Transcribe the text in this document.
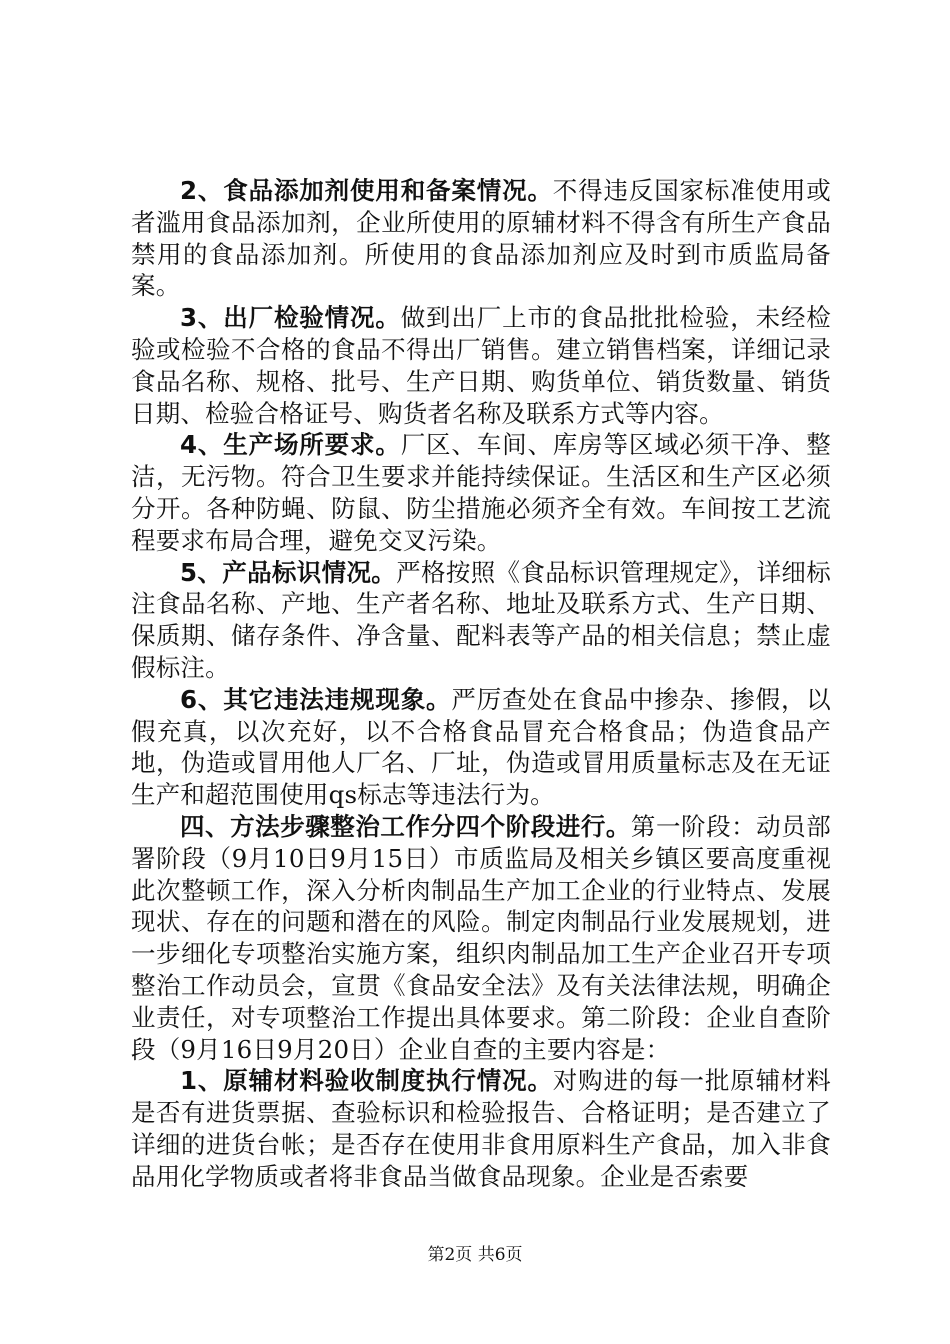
2、食品添加剂使用和备案情况。不得违反国家标准使用或者滥用食品添加剂，企业所使用的原辅材料不得含有所生产食品禁用的食品添加剂。所使用的食品添加剂应及时到市质监局备案。

3、出厂检验情况。做到出厂上市的食品批批检验，未经检验或检验不合格的食品不得出厂销售。建立销售档案，详细记录食品名称、规格、批号、生产日期、购货单位、销货数量、销货日期、检验合格证号、购货者名称及联系方式等内容。

4、生产场所要求。厂区、车间、库房等区域必须干净、整洁，无污物。符合卫生要求并能持续保证。生活区和生产区必须分开。各种防蝇、防鼠、防尘措施必须齐全有效。车间按工艺流程要求布局合理，避免交叉污染。

5、产品标识情况。严格按照《食品标识管理规定》，详细标注食品名称、产地、生产者名称、地址及联系方式、生产日期、保质期、储存条件、净含量、配料表等产品的相关信息；禁止虚假标注。

6、其它违法违规现象。严厉查处在食品中掺杂、掺假，以假充真，以次充好，以不合格食品冒充合格食品；伪造食品产地，伪造或冒用他人厂名、厂址，伪造或冒用质量标志及在无证生产和超范围使用qs标志等违法行为。

四、方法步骤整治工作分四个阶段进行。第一阶段：动员部署阶段（9月10日9月15日）市质监局及相关乡镇区要高度重视此次整顿工作，深入分析肉制品生产加工企业的行业特点、发展现状、存在的问题和潜在的风险。制定肉制品行业发展规划，进一步细化专项整治实施方案，组织肉制品加工生产企业召开专项整治工作动员会，宣贯《食品安全法》及有关法律法规，明确企业责任，对专项整治工作提出具体要求。第二阶段：企业自查阶段（9月16日9月20日）企业自查的主要内容是：

1、原辅材料验收制度执行情况。对购进的每一批原辅材料是否有进货票据、查验标识和检验报告、合格证明；是否建立了详细的进货台帐；是否存在使用非食用原料生产食品，加入非食品用化学物质或者将非食品当做食品现象。企业是否索要

第2页 共6页
